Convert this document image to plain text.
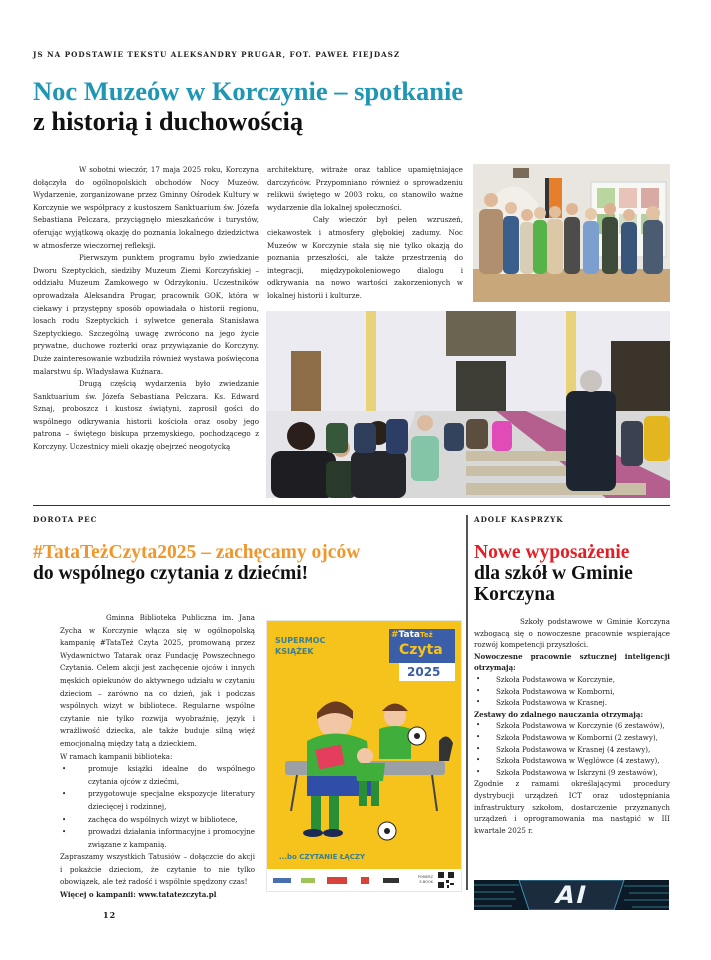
JS NA PODSTAWIE TEKSTU ALEKSANDRY PRUGAR, FOT. PAWEŁ FIEJDASZ
Noc Muzeów w Korczynie – spotkanie
z historią i duchowością

W sobotni wieczór, 17 maja 2025 roku, Korczyna dołączyła do ogólnopolskich obchodów Nocy Muzeów. Wydarzenie, zorganizowane przez Gminny Ośrodek Kultury w Korczynie we współpracy z kustoszem Sanktuarium św. Józefa Sebastiana Pelczara, przyciągnęło mieszkańców i turystów, oferując wyjątkową okazję do poznania lokalnego dziedzictwa w atmosferze wieczornej refleksji.

Pierwszym punktem programu było zwiedzanie Dworu Szeptyckich, siedziby Muzeum Ziemi Korczyńskiej – oddziału Muzeum Zamkowego w Odrzykoniu. Uczestników oprowadzała Aleksandra Prugar, pracownik GOK, która w ciekawy i przystępny sposób opowiadała o historii regionu, losach rodu Szeptyckich i sylwetce generała Stanisława Szeptyckiego. Szczególną uwagę zwrócono na jego życie prywatne, duchowe rozterki oraz przywiązanie do Korczyny. Duże zainteresowanie wzbudziła również wystawa poświęcona malarstwu śp. Władysława Kuźnara.

Drugą częścią wydarzenia było zwiedzanie Sanktuarium św. Józefa Sebastiana Pelczara. Ks. Edward Sznaj, proboszcz i kustosz świątyni, zaprosił gości do wspólnego odkrywania historii kościoła oraz osoby jego patrona – świętego biskupa przemyskiego, pochodzącego z Korczyny. Uczestnicy mieli okazję obejrzeć neogotycką

architekturę, witraże oraz tablice upamiętniające darczyńców. Przypomniano również o sprowadzeniu relikwii świętego w 2003 roku, co stanowiło ważne wydarzenie dla lokalnej społeczności.

Cały wieczór był pełen wzruszeń, ciekawostek i atmosfery głębokiej zadumy. Noc Muzeów w Korczynie stała się nie tylko okazją do poznania przeszłości, ale także przestrzenią do integracji, międzypokoleniowego dialogu i odkrywania na nowo wartości zakorzenionych w lokalnej historii i kulturze.

DOROTA PEC
#TataTeżCzyta2025 – zachęcamy ojców
do wspólnego czytania z dziećmi!

Gminna Biblioteka Publiczna im. Jana Zycha w Korczynie włącza się w ogólnopolską kampanię #TataTeż Czyta 2025, promowaną przez Wydawnictwo Tatarak oraz Fundację Powszechnego Czytania. Celem akcji jest zachęcenie ojców i innych męskich opiekunów do aktywnego udziału w czytaniu dzieciom – zarówno na co dzień, jak i podczas wspólnych wizyt w bibliotece. Regularne wspólne czytanie nie tylko rozwija wyobraźnię, język i wrażliwość dziecka, ale także buduje silną więź emocjonalną między tatą a dzieckiem.

W ramach kampanii biblioteka:

• promuje książki idealne do wspólnego czytania ojców z dziećmi,
• przygotowuje specjalne ekspozycje literatury dziecięcej i rodzinnej,
• zachęca do wspólnych wizyt w bibliotece,
• prowadzi działania informacyjne i promocyjne związane z kampanią.

Zapraszamy wszystkich Tatusiów – dołączcie do akcji i pokażcie dzieciom, że czytanie to nie tylko obowiązek, ale też radość i wspólnie spędzony czas!

Więcej o kampanii: www.tatatezczyta.pl

SUPERMOC
KSIĄŻEK
#TataTeż
Czyta
2025
...bo CZYTANIE ŁĄCZY
POBIERZ E-BOOK
ADOLF KASPRZYK
Nowe wyposażenie
dla szkół w Gminie Korczyna

Szkoły podstawowe w Gminie Korczyna wzbogacą się o nowoczesne pracownie wspierające rozwój kompetencji przyszłości.

Nowoczesne pracownie sztucznej inteligencji otrzymają:

• Szkoła Podstawowa w Korczynie,
• Szkoła Podstawowa w Komborni,
• Szkoła Podstawowa w Krasnej.

Zestawy do zdalnego nauczania otrzymają:

• Szkoła Podstawowa w Korczynie (6 zestawów),
• Szkoła Podstawowa w Komborni (2 zestawy),
• Szkoła Podstawowa w Krasnej (4 zestawy),
• Szkoła Podstawowa w Węglówce (4 zestawy),
• Szkoła Podstawowa w Iskrzyni (9 zestawów),

Zgodnie z ramami określającymi procedury dystrybucji urządzeń ICT oraz udostępniania infrastruktury szkołom, dostarczenie przyznanych urządzeń i oprogramowania ma nastąpić w III kwartale 2025 r.

AI
12
